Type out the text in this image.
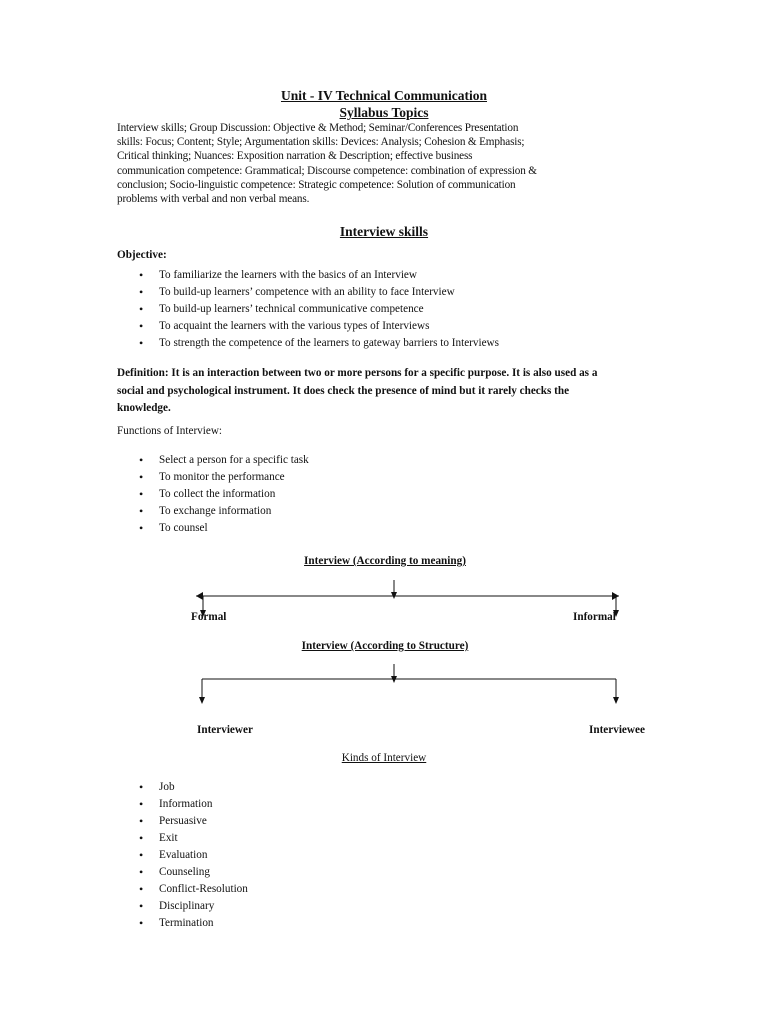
Unit - IV Technical Communication
Syllabus Topics
Interview skills; Group Discussion: Objective & Method; Seminar/Conferences Presentation
skills: Focus; Content; Style; Argumentation skills: Devices: Analysis; Cohesion & Emphasis;
Critical thinking; Nuances: Exposition narration & Description; effective business
communication competence: Grammatical; Discourse competence: combination of expression &
conclusion; Socio-linguistic competence: Strategic competence: Solution of communication
problems with verbal and non verbal means.
Interview skills
Objective:
• To familiarize the learners with the basics of an Interview
• To build-up learners’ competence with an ability to face Interview
• To build-up learners’ technical communicative competence
• To acquaint the learners with the various types of Interviews
• To strength the competence of the learners to gateway barriers to Interviews
Definition: It is an interaction between two or more persons for a specific purpose. It is also used as a
social and psychological instrument. It does check the presence of mind but it rarely checks the
knowledge.
Functions of Interview:
• Select a person for a specific task
• To monitor the performance
• To collect the information
• To exchange information
• To counsel
Interview (According to meaning)
Formal	Informal
Interview (According to Structure)
Interviewer	Interviewee
Kinds of Interview
• Job
• Information
• Persuasive
• Exit
• Evaluation
• Counseling
• Conflict-Resolution
• Disciplinary
• Termination
